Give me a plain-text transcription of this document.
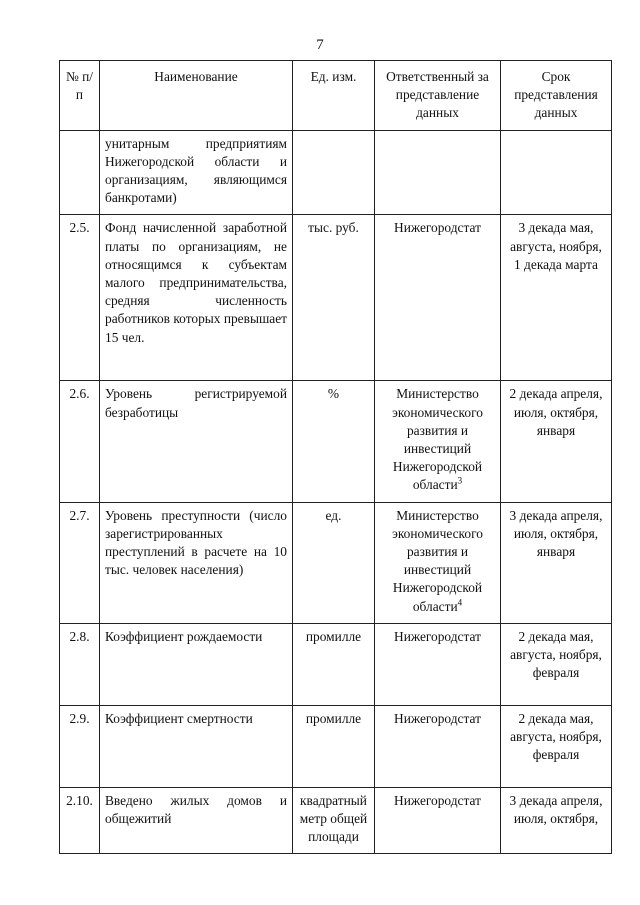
7
№ п/п	Наименование	Ед. изм.	Ответственный за представление данных	Срок представления данных
	унитарным предприятиям Нижегородской области и организациям, являющимся банкротами)			
2.5.	Фонд начисленной заработной платы по организациям, не относящимся к субъектам малого предпринимательства, средняя численность работников которых превышает 15 чел.	тыс. руб.	Нижегородстат	3 декада мая, августа, ноября, 1 декада марта
2.6.	Уровень регистрируемой безработицы	%	Министерство экономического развития и инвестиций Нижегородской области$^3$	2 декада апреля, июля, октября, января
2.7.	Уровень преступности (число зарегистрированных преступлений в расчете на 10 тыс. человек населения)	ед.	Министерство экономического развития и инвестиций Нижегородской области$^4$	3 декада апреля, июля, октября, января
2.8.	Коэффициент рождаемости	промилле	Нижегородстат	2 декада мая, августа, ноября, февраля
2.9.	Коэффициент смертности	промилле	Нижегородстат	2 декада мая, августа, ноября, февраля
2.10.	Введено жилых домов и общежитий	квадратный метр общей площади	Нижегородстат	3 декада апреля, июля, октября,
